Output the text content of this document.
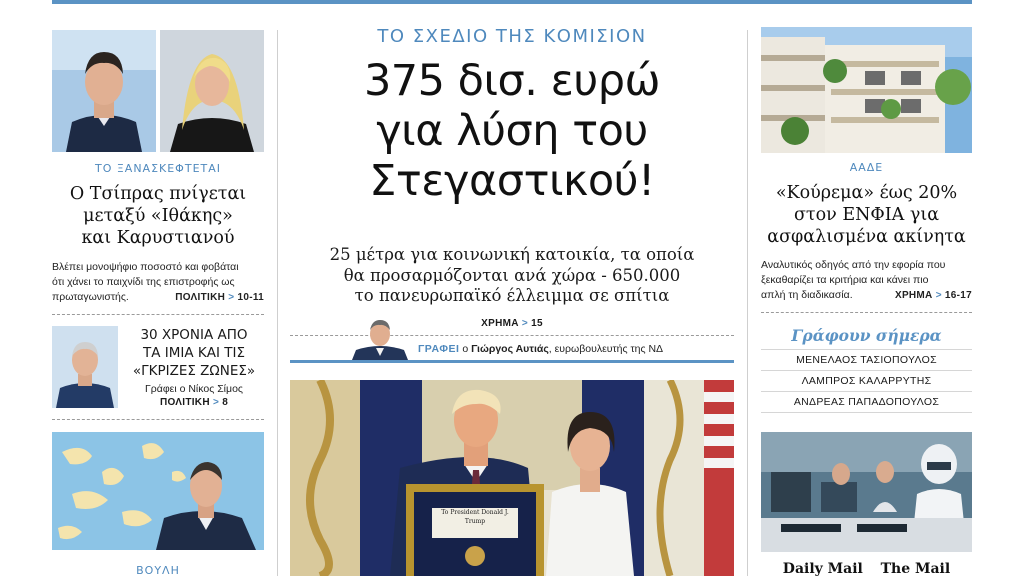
ΤΟ ΞΑΝΑΣΚΕΦΤΕΤΑΙ
Ο Τσίπρας πνίγεται
μεταξύ «Ιθάκης»
και Καρυστιανού
Βλέπει μονοψήφιο ποσοστό και φοβάται
ότι χάνει το παιχνίδι της επιστροφής ως
πρωταγωνιστής.	ΠΟΛΙΤΙΚΗ > 10-11
30 ΧΡΟΝΙΑ ΑΠΟ
ΤΑ ΙΜΙΑ ΚΑΙ ΤΙΣ
«ΓΚΡΙΖΕΣ ΖΩΝΕΣ»
Γράφει ο Νίκος Σίμος
ΠΟΛΙΤΙΚΗ > 8
ΒΟΥΛΗ
ΤΟ ΣΧΕΔΙΟ ΤΗΣ ΚΟΜΙΣΙΟΝ
375 δισ. ευρώ
για λύση του
Στεγαστικού!
25 μέτρα για κοινωνική κατοικία, τα οποία
θα προσαρμόζονται ανά χώρα - 650.000
το πανευρωπαϊκό έλλειμμα σε σπίτια
ΧΡΗΜΑ > 15
ΓΡΑΦΕΙ ο Γιώργος Αυτιάς, ευρωβουλευτής της ΝΔ
To President Donald J. Trump
ΑΑΔΕ
«Κούρεμα» έως 20%
στον ΕΝΦΙΑ για
ασφαλισμένα ακίνητα
Αναλυτικός οδηγός από την εφορία που
ξεκαθαρίζει τα κριτήρια και κάνει πιο
απλή τη διαδικασία.	ΧΡΗΜΑ > 16-17
Γράφουν σήμερα
ΜΕΝΕΛΑΟΣ ΤΑΣΙΟΠΟΥΛΟΣ
ΛΑΜΠΡΟΣ ΚΑΛΑΡΡΥΤΗΣ
ΑΝΔΡΕΑΣ ΠΑΠΑΔΟΠΟΥΛΟΣ
Daily Mail The Mail
